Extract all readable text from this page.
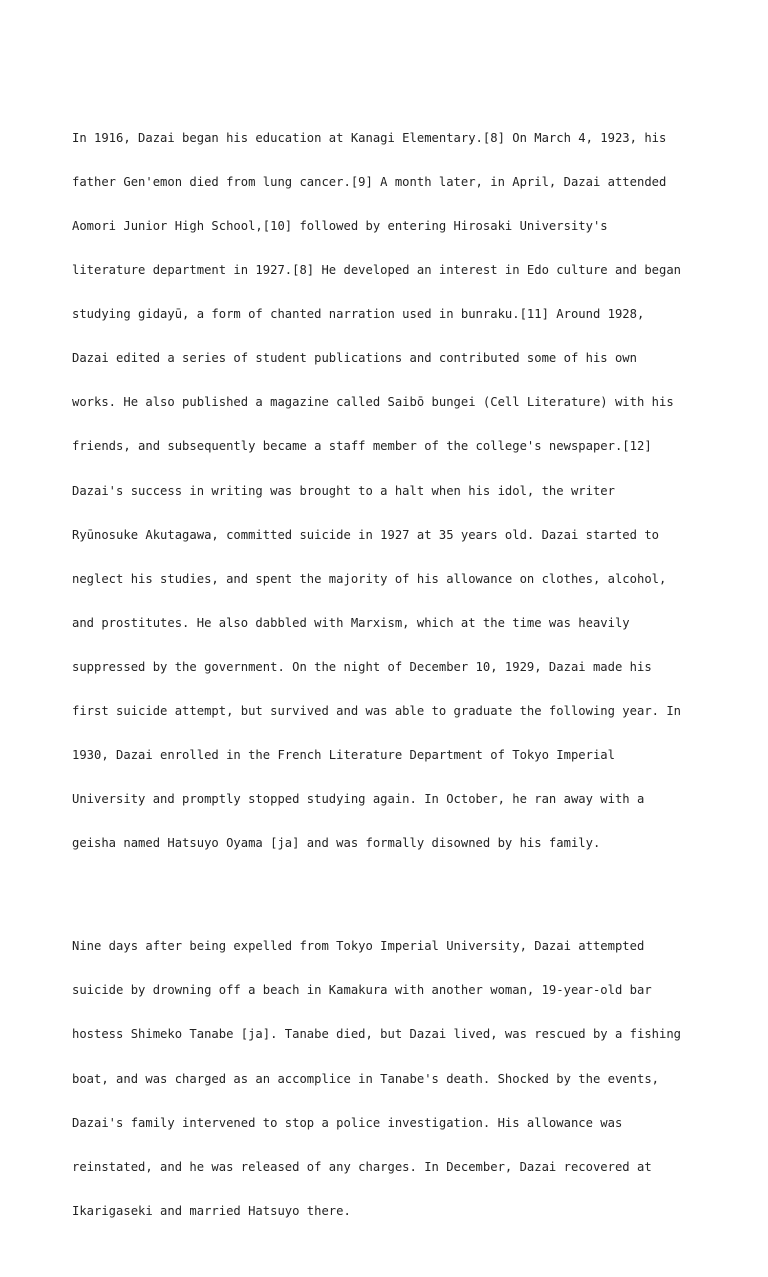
In 1916, Dazai began his education at Kanagi Elementary.[8] On March 4, 1923, his

father Gen'emon died from lung cancer.[9] A month later, in April, Dazai attended

Aomori Junior High School,[10] followed by entering Hirosaki University's

literature department in 1927.[8] He developed an interest in Edo culture and began

studying gidayū, a form of chanted narration used in bunraku.[11] Around 1928,

Dazai edited a series of student publications and contributed some of his own

works. He also published a magazine called Saibō bungei (Cell Literature) with his

friends, and subsequently became a staff member of the college's newspaper.[12]

Dazai's success in writing was brought to a halt when his idol, the writer

Ryūnosuke Akutagawa, committed suicide in 1927 at 35 years old. Dazai started to

neglect his studies, and spent the majority of his allowance on clothes, alcohol,

and prostitutes. He also dabbled with Marxism, which at the time was heavily

suppressed by the government. On the night of December 10, 1929, Dazai made his

first suicide attempt, but survived and was able to graduate the following year. In

1930, Dazai enrolled in the French Literature Department of Tokyo Imperial

University and promptly stopped studying again. In October, he ran away with a

geisha named Hatsuyo Oyama [ja] and was formally disowned by his family.

Nine days after being expelled from Tokyo Imperial University, Dazai attempted

suicide by drowning off a beach in Kamakura with another woman, 19-year-old bar

hostess Shimeko Tanabe [ja]. Tanabe died, but Dazai lived, was rescued by a fishing

boat, and was charged as an accomplice in Tanabe's death. Shocked by the events,

Dazai's family intervened to stop a police investigation. His allowance was

reinstated, and he was released of any charges. In December, Dazai recovered at

Ikarigaseki and married Hatsuyo there.
